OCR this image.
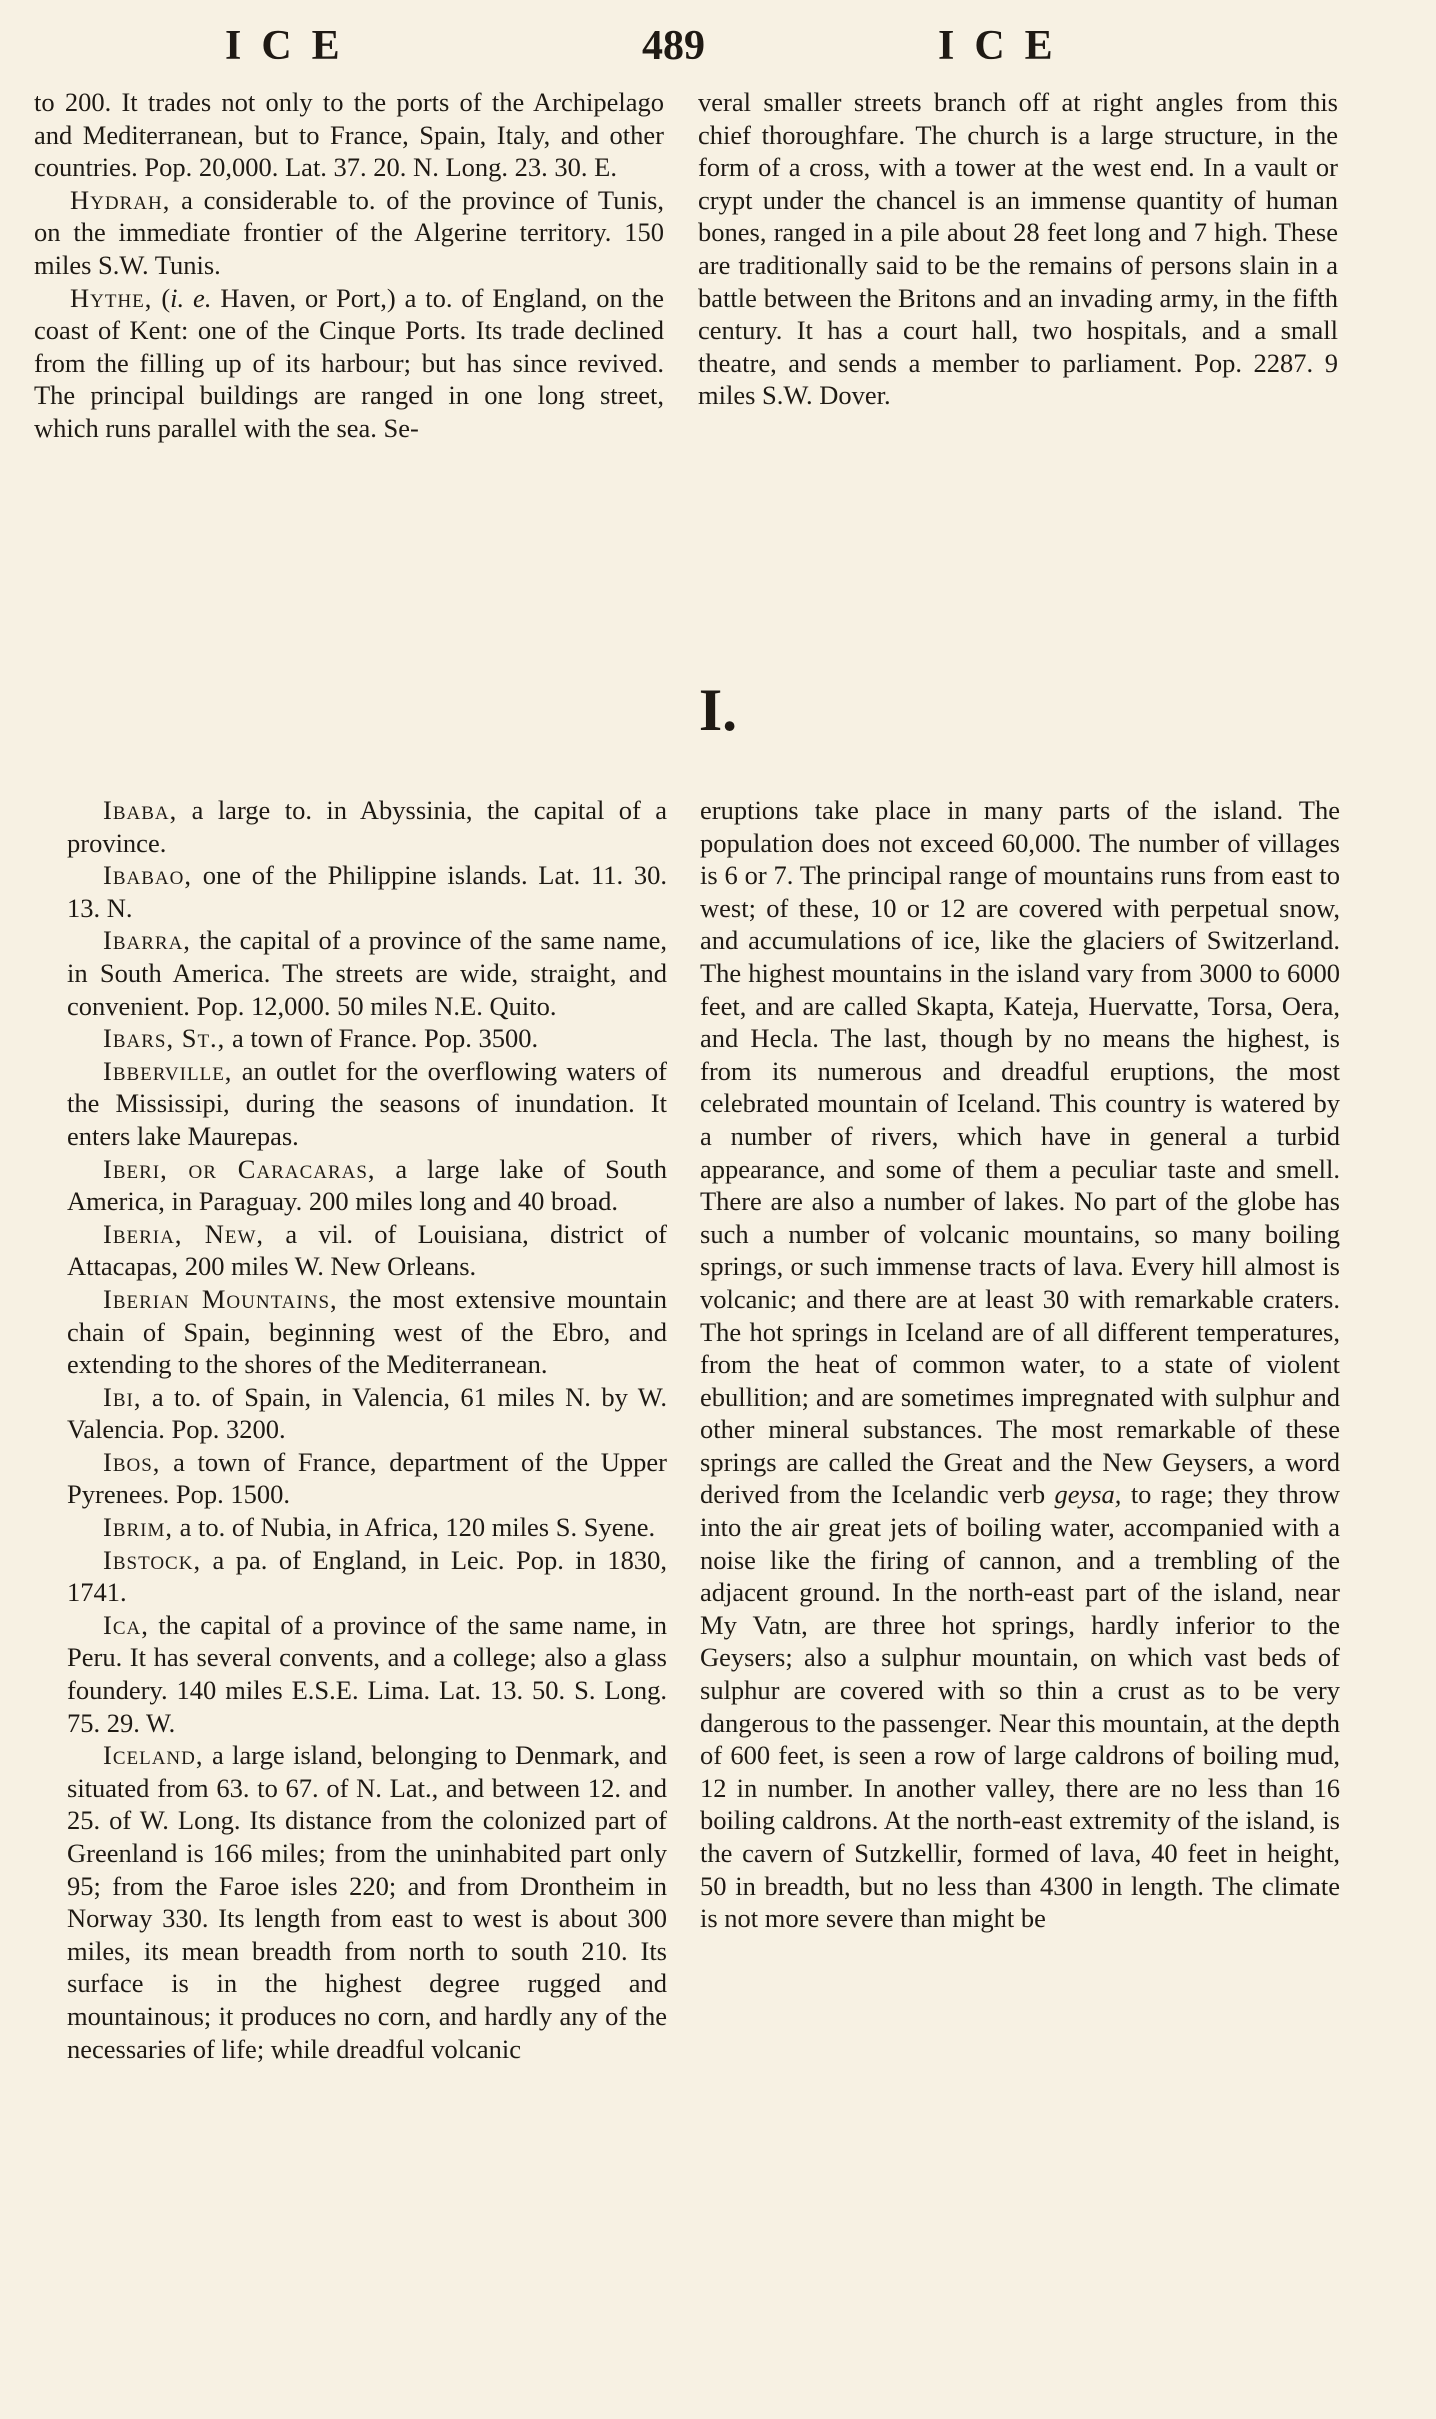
ICE	489	ICE

to 200. It trades not only to the ports of the Archipelago and Mediterranean, but to France, Spain, Italy, and other countries. Pop. 20,000. Lat. 37. 20. N. Long. 23. 30. E.

Hydrah, a considerable to. of the province of Tunis, on the immediate frontier of the Algerine territory. 150 miles S.W. Tunis.

Hythe, (i. e. Haven, or Port,) a to. of England, on the coast of Kent: one of the Cinque Ports. Its trade declined from the filling up of its harbour; but has since revived. The principal buildings are ranged in one long street, which runs parallel with the sea. Se-

veral smaller streets branch off at right angles from this chief thoroughfare. The church is a large structure, in the form of a cross, with a tower at the west end. In a vault or crypt under the chancel is an immense quantity of human bones, ranged in a pile about 28 feet long and 7 high. These are traditionally said to be the remains of persons slain in a battle between the Britons and an invading army, in the fifth century. It has a court hall, two hospitals, and a small theatre, and sends a member to parliament. Pop. 2287. 9 miles S.W. Dover.

I.

Ibaba, a large to. in Abyssinia, the capital of a province.

Ibabao, one of the Philippine islands. Lat. 11. 30. 13. N.

Ibarra, the capital of a province of the same name, in South America. The streets are wide, straight, and convenient. Pop. 12,000. 50 miles N.E. Quito.

Ibars, St., a town of France. Pop. 3500.

Ibberville, an outlet for the overflowing waters of the Mississipi, during the seasons of inundation. It enters lake Maurepas.

Iberi, or Caracaras, a large lake of South America, in Paraguay. 200 miles long and 40 broad.

Iberia, New, a vil. of Louisiana, district of Attacapas, 200 miles W. New Orleans.

Iberian Mountains, the most extensive mountain chain of Spain, beginning west of the Ebro, and extending to the shores of the Mediterranean.

Ibi, a to. of Spain, in Valencia, 61 miles N. by W. Valencia. Pop. 3200.

Ibos, a town of France, department of the Upper Pyrenees. Pop. 1500.

Ibrim, a to. of Nubia, in Africa, 120 miles S. Syene.

Ibstock, a pa. of England, in Leic. Pop. in 1830, 1741.

Ica, the capital of a province of the same name, in Peru. It has several convents, and a college; also a glass foundery. 140 miles E.S.E. Lima. Lat. 13. 50. S. Long. 75. 29. W.

Iceland, a large island, belonging to Denmark, and situated from 63. to 67. of N. Lat., and between 12. and 25. of W. Long. Its distance from the colonized part of Greenland is 166 miles; from the uninhabited part only 95; from the Faroe isles 220; and from Drontheim in Norway 330. Its length from east to west is about 300 miles, its mean breadth from north to south 210. Its surface is in the highest degree rugged and mountainous; it produces no corn, and hardly any of the necessaries of life; while dreadful volcanic

eruptions take place in many parts of the island. The population does not exceed 60,000. The number of villages is 6 or 7. The principal range of mountains runs from east to west; of these, 10 or 12 are covered with perpetual snow, and accumulations of ice, like the glaciers of Switzerland. The highest mountains in the island vary from 3000 to 6000 feet, and are called Skapta, Kateja, Huervatte, Torsa, Oera, and Hecla. The last, though by no means the highest, is from its numerous and dreadful eruptions, the most celebrated mountain of Iceland. This country is watered by a number of rivers, which have in general a turbid appearance, and some of them a peculiar taste and smell. There are also a number of lakes. No part of the globe has such a number of volcanic mountains, so many boiling springs, or such immense tracts of lava. Every hill almost is volcanic; and there are at least 30 with remarkable craters. The hot springs in Iceland are of all different temperatures, from the heat of common water, to a state of violent ebullition; and are sometimes impregnated with sulphur and other mineral substances. The most remarkable of these springs are called the Great and the New Geysers, a word derived from the Icelandic verb geysa, to rage; they throw into the air great jets of boiling water, accompanied with a noise like the firing of cannon, and a trembling of the adjacent ground. In the north-east part of the island, near My Vatn, are three hot springs, hardly inferior to the Geysers; also a sulphur mountain, on which vast beds of sulphur are covered with so thin a crust as to be very dangerous to the passenger. Near this mountain, at the depth of 600 feet, is seen a row of large caldrons of boiling mud, 12 in number. In another valley, there are no less than 16 boiling caldrons. At the north-east extremity of the island, is the cavern of Sutzkellir, formed of lava, 40 feet in height, 50 in breadth, but no less than 4300 in length. The climate is not more severe than might be
